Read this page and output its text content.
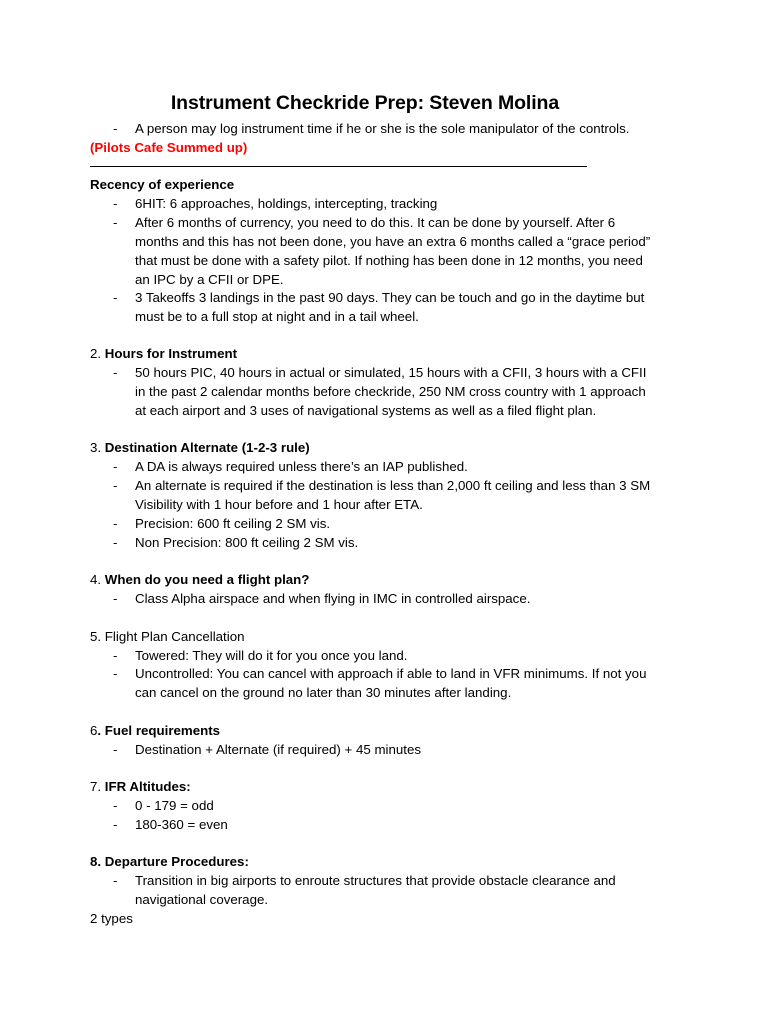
Instrument Checkride Prep: Steven Molina
- A person may log instrument time if he or she is the sole manipulator of the controls.
(Pilots Cafe Summed up)
Recency of experience
- 6HIT: 6 approaches, holdings, intercepting, tracking
- After 6 months of currency, you need to do this. It can be done by yourself. After 6
months and this has not been done, you have an extra 6 months called a “grace period”
that must be done with a safety pilot. If nothing has been done in 12 months, you need
an IPC by a CFII or DPE.
- 3 Takeoffs 3 landings in the past 90 days. They can be touch and go in the daytime but
must be to a full stop at night and in a tail wheel.
2. Hours for Instrument
- 50 hours PIC, 40 hours in actual or simulated, 15 hours with a CFII, 3 hours with a CFII
in the past 2 calendar months before checkride, 250 NM cross country with 1 approach
at each airport and 3 uses of navigational systems as well as a filed flight plan.
3. Destination Alternate (1-2-3 rule)
- A DA is always required unless there’s an IAP published.
- An alternate is required if the destination is less than 2,000 ft ceiling and less than 3 SM
Visibility with 1 hour before and 1 hour after ETA.
- Precision: 600 ft ceiling 2 SM vis.
- Non Precision: 800 ft ceiling 2 SM vis.
4. When do you need a flight plan?
- Class Alpha airspace and when flying in IMC in controlled airspace.
5. Flight Plan Cancellation
- Towered: They will do it for you once you land.
- Uncontrolled: You can cancel with approach if able to land in VFR minimums. If not you
can cancel on the ground no later than 30 minutes after landing.
6. Fuel requirements
- Destination + Alternate (if required) + 45 minutes
7. IFR Altitudes:
- 0 - 179 = odd
- 180-360 = even
8. Departure Procedures:
- Transition in big airports to enroute structures that provide obstacle clearance and
navigational coverage.
2 types
